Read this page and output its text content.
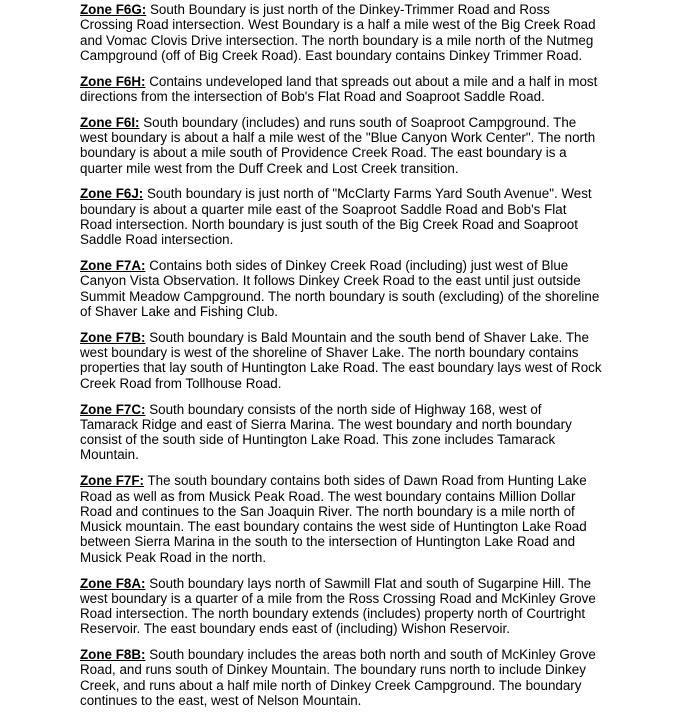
Zone F6G: South Boundary is just north of the Dinkey-Trimmer Road and Ross Crossing Road intersection. West Boundary is a half a mile west of the Big Creek Road and Vomac Clovis Drive intersection. The north boundary is a mile north of the Nutmeg Campground (off of Big Creek Road). East boundary contains Dinkey Trimmer Road.

Zone F6H: Contains undeveloped land that spreads out about a mile and a half in most directions from the intersection of Bob's Flat Road and Soaproot Saddle Road.

Zone F6I: South boundary (includes) and runs south of Soaproot Campground. The west boundary is about a half a mile west of the "Blue Canyon Work Center". The north boundary is about a mile south of Providence Creek Road. The east boundary is a quarter mile west from the Duff Creek and Lost Creek transition.

Zone F6J: South boundary is just north of "McClarty Farms Yard South Avenue". West boundary is about a quarter mile east of the Soaproot Saddle Road and Bob's Flat Road intersection. North boundary is just south of the Big Creek Road and Soaproot Saddle Road intersection.

Zone F7A: Contains both sides of Dinkey Creek Road (including) just west of Blue Canyon Vista Observation. It follows Dinkey Creek Road to the east until just outside Summit Meadow Campground. The north boundary is south (excluding) of the shoreline of Shaver Lake and Fishing Club.

Zone F7B: South boundary is Bald Mountain and the south bend of Shaver Lake. The west boundary is west of the shoreline of Shaver Lake. The north boundary contains properties that lay south of Huntington Lake Road. The east boundary lays west of Rock Creek Road from Tollhouse Road.

Zone F7C: South boundary consists of the north side of Highway 168, west of Tamarack Ridge and east of Sierra Marina. The west boundary and north boundary consist of the south side of Huntington Lake Road. This zone includes Tamarack Mountain.

Zone F7F: The south boundary contains both sides of Dawn Road from Hunting Lake Road as well as from Musick Peak Road. The west boundary contains Million Dollar Road and continues to the San Joaquin River. The north boundary is a mile north of Musick mountain. The east boundary contains the west side of Huntington Lake Road between Sierra Marina in the south to the intersection of Huntington Lake Road and Musick Peak Road in the north.

Zone F8A: South boundary lays north of Sawmill Flat and south of Sugarpine Hill. The west boundary is a quarter of a mile from the Ross Crossing Road and McKinley Grove Road intersection. The north boundary extends (includes) property north of Courtright Reservoir. The east boundary ends east of (including) Wishon Reservoir.

Zone F8B: South boundary includes the areas both north and south of McKinley Grove Road, and runs south of Dinkey Mountain. The boundary runs north to include Dinkey Creek, and runs about a half mile north of Dinkey Creek Campground. The boundary continues to the east, west of Nelson Mountain.
